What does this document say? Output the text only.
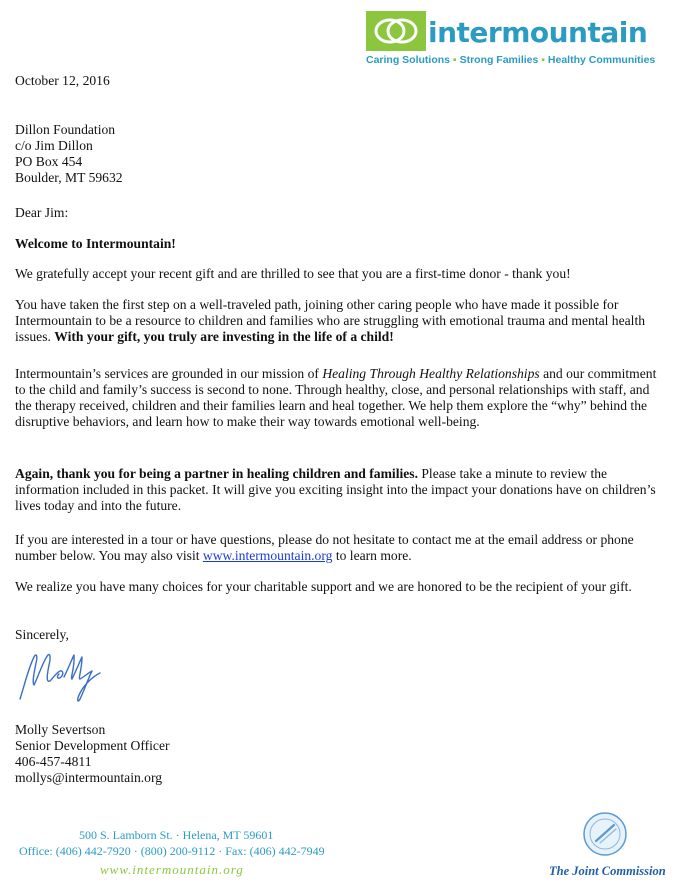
intermountain
Caring Solutions ▪ Strong Families ▪ Healthy Communities
October 12, 2016
Dillon Foundation
c/o Jim Dillon
PO Box 454
Boulder, MT 59632
Dear Jim:
Welcome to Intermountain!

We gratefully accept your recent gift and are thrilled to see that you are a first-time donor - thank you!

You have taken the first step on a well-traveled path, joining other caring people who have made it possible for Intermountain to be a resource to children and families who are struggling with emotional trauma and mental health issues. With your gift, you truly are investing in the life of a child!

Intermountain’s services are grounded in our mission of Healing Through Healthy Relationships and our commitment to the child and family’s success is second to none. Through healthy, close, and personal relationships with staff, and the therapy received, children and their families learn and heal together. We help them explore the “why” behind the disruptive behaviors, and learn how to make their way towards emotional well-being.

Again, thank you for being a partner in healing children and families. Please take a minute to review the information included in this packet. It will give you exciting insight into the impact your donations have on children’s lives today and into the future.

If you are interested in a tour or have questions, please do not hesitate to contact me at the email address or phone number below. You may also visit www.intermountain.org to learn more.

We realize you have many choices for your charitable support and we are honored to be the recipient of your gift.

Sincerely,
Molly Severtson
Senior Development Officer
406-457-4811
mollys@intermountain.org
500 S. Lamborn St. · Helena, MT 59601
Office: (406) 442-7920 · (800) 200-9112 · Fax: (406) 442-7949
www.intermountain.org	The Joint Commission
